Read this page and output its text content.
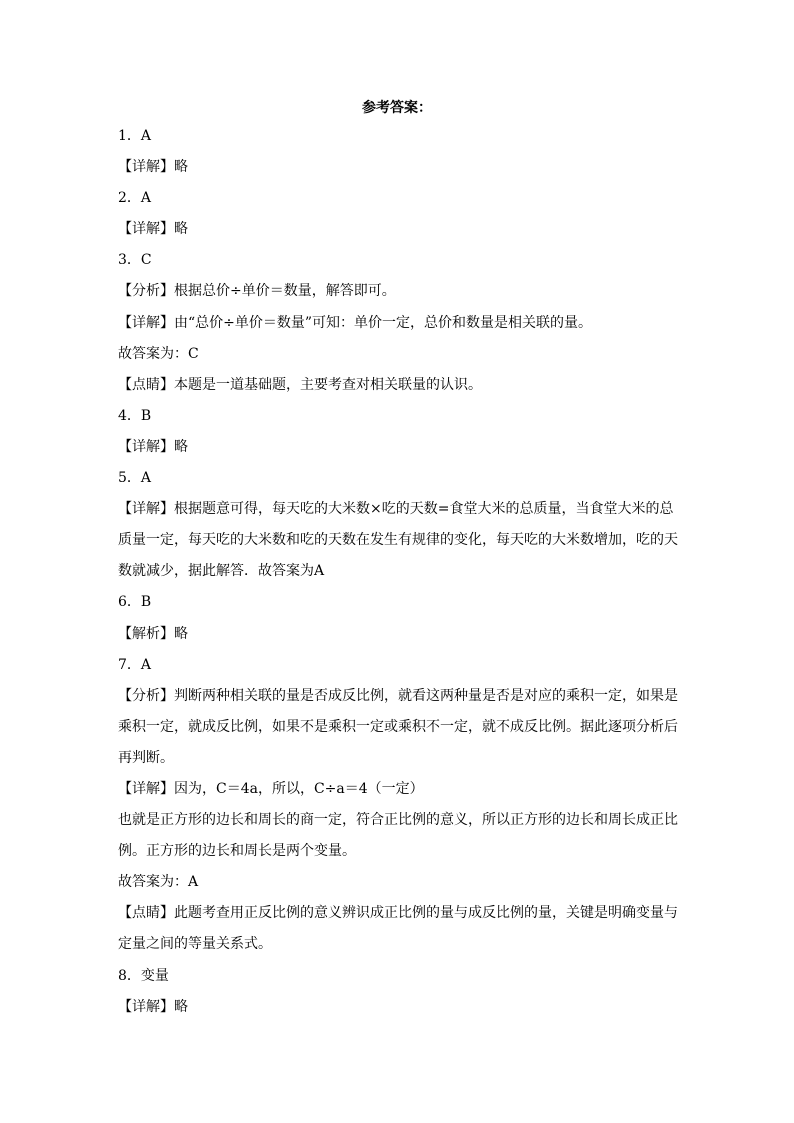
参考答案：

1．A

【详解】略

2．A

【详解】略

3．C

【分析】根据总价÷单价＝数量，解答即可。

【详解】由“总价÷单价＝数量”可知：单价一定，总价和数量是相关联的量。

故答案为：C

【点睛】本题是一道基础题，主要考查对相关联量的认识。

4．B

【详解】略

5．A

【详解】根据题意可得，每天吃的大米数×吃的天数=食堂大米的总质量，当食堂大米的总质量一定，每天吃的大米数和吃的天数在发生有规律的变化，每天吃的大米数增加，吃的天数就减少，据此解答．故答案为A

6．B

【解析】略

7．A

【分析】判断两种相关联的量是否成反比例，就看这两种量是否是对应的乘积一定，如果是乘积一定，就成反比例，如果不是乘积一定或乘积不一定，就不成反比例。据此逐项分析后再判断。

【详解】因为，C＝4a，所以，C÷a＝4（一定）

也就是正方形的边长和周长的商一定，符合正比例的意义，所以正方形的边长和周长成正比例。正方形的边长和周长是两个变量。

故答案为：A

【点睛】此题考查用正反比例的意义辨识成正比例的量与成反比例的量，关键是明确变量与定量之间的等量关系式。

8．变量

【详解】略
